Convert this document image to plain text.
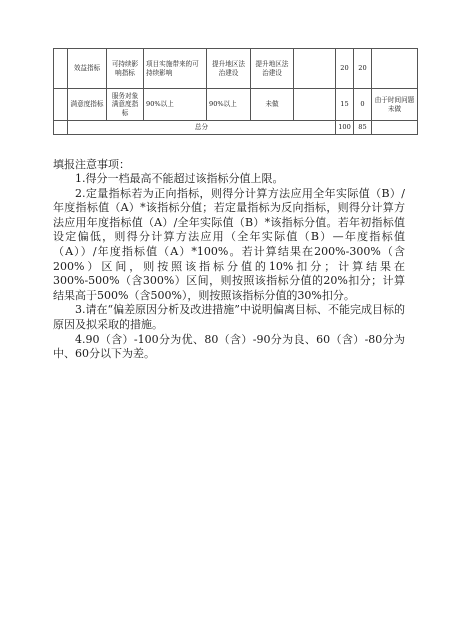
	效益指标	可持续影响指标	项目实施带来的可持续影响	提升地区法治建设	提升地区法治建设		20	20	
	满意度指标	服务对象满意度指标	90%以上	90%以上	未做		15	0	由于时间问题未做
	总分						100	85	
填报注意事项：

1.得分一档最高不能超过该指标分值上限。

2.定量指标若为正向指标，则得分计算方法应用全年实际值（B）/年度指标值（A）*该指标分值；若定量指标为反向指标，则得分计算方法应用年度指标值（A）/全年实际值（B）*该指标分值。若年初指标值设定偏低，则得分计算方法应用（全年实际值（B）—年度指标值（A））/年度指标值（A）*100%。若计算结果在200%-300%（含200%）区间，则按照该指标分值的10%扣分；计算结果在300%-500%（含300%）区间，则按照该指标分值的20%扣分；计算结果高于500%（含500%），则按照该指标分值的30%扣分。

3.请在“偏差原因分析及改进措施”中说明偏离目标、不能完成目标的原因及拟采取的措施。

4.90（含）-100分为优、80（含）-90分为良、60（含）-80分为中、60分以下为差。
